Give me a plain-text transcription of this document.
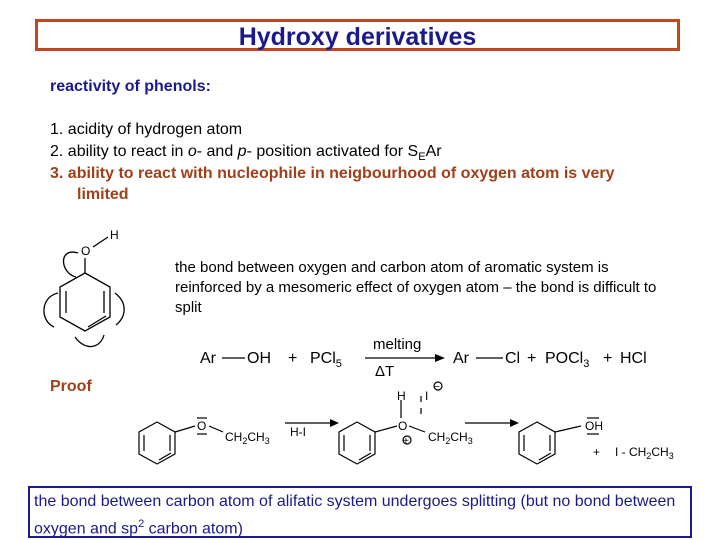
Hydroxy derivatives
reactivity of phenols:
1. acidity of hydrogen atom
2. ability to react in o- and p- position activated for $S_EAr$
3. ability to react with nucleophile in neigbourhood of oxygen atom is very
limited
O
H
the bond between oxygen and carbon atom of aromatic system is reinforced by a mesomeric effect of oxygen atom – the bond is difficult to split
Ar OH + PCl$_5$
melting
ΔT
Ar Cl + POCl$_3$ + HCl
Proof
O
$CH_2CH_3$
H-I
H
O
+
I
−
$CH_2CH_3$
OH
+ I - $CH_2CH_3$
the bond between carbon atom of alifatic system undergoes splitting (but no bond between oxygen and $sp^2$ carbon atom)
